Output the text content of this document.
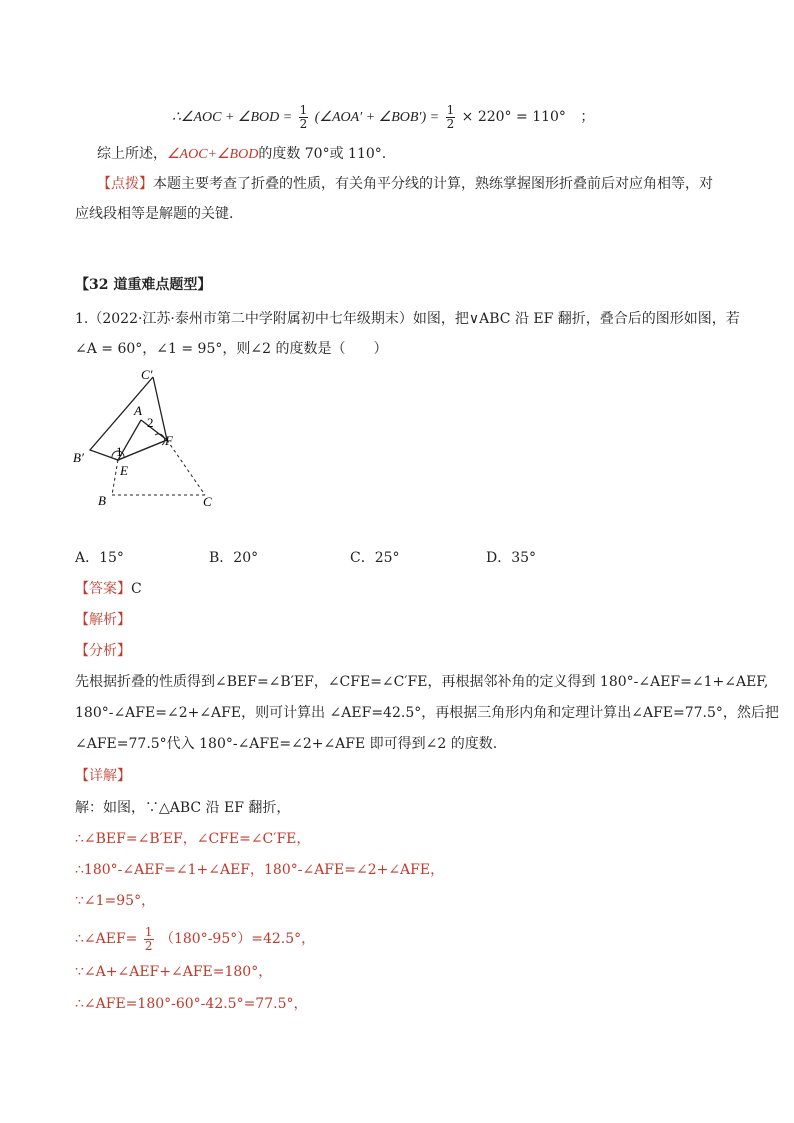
∴∠AOC + ∠BOD = $\frac{1}{2}$ (∠AOA′ + ∠BOB′) = $\frac{1}{2} \times 220^\circ = 110^\circ$ ；
综上所述，∠AOC+∠BOD的度数 70°或 110°.
【点拨】本题主要考查了折叠的性质，有关角平分线的计算，熟练掌握图形折叠前后对应角相等，对
应线段相等是解题的关键.
【32 道重难点题型】
1.（2022·江苏·泰州市第二中学附属初中七年级期末）如图，把∨ABC 沿 EF 翻折，叠合后的图形如图，若
∠A = 60°，∠1 = 95°，则∠2 的度数是（　　）
C′
A
2
F
B′ 1
E
B	C
A．15°	B．20°	C．25°	D．35°
【答案】C
【解析】
【分析】
先根据折叠的性质得到∠BEF=∠B′EF，∠CFE=∠C′FE，再根据邻补角的定义得到 180°-∠AEF=∠1+∠AEF,
180°-∠AFE=∠2+∠AFE，则可计算出 ∠AEF=42.5°，再根据三角形内角和定理计算出∠AFE=77.5°，然后把
∠AFE=77.5°代入 180°-∠AFE=∠2+∠AFE 即可得到∠2 的度数.
【详解】
解：如图，∵△ABC 沿 EF 翻折，
∴∠BEF=∠B′EF，∠CFE=∠C′FE，
∴180°-∠AEF=∠1+∠AEF，180°-∠AFE=∠2+∠AFE，
∵∠1=95°，
∴∠AEF= $\frac{1}{2} (180^\circ-95^\circ)=42.5^\circ$，
∵∠A+∠AEF+∠AFE=180°，
∴∠AFE=180°-60°-42.5°=77.5°，
